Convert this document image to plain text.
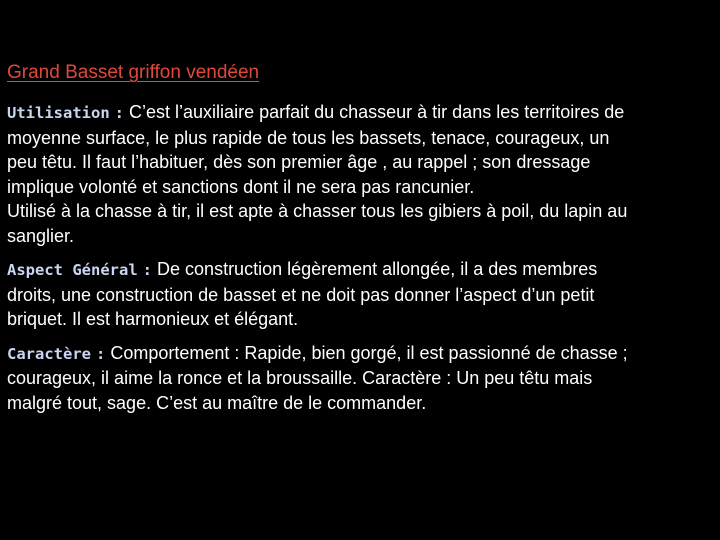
Grand Basset griffon vendéen
Utilisation : C’est l’auxiliaire parfait du chasseur à tir dans les territoires de
moyenne surface, le plus rapide de tous les bassets, tenace, courageux, un
peu têtu. Il faut l’habituer, dès son premier âge , au rappel ; son dressage
implique volonté et sanctions dont il ne sera pas rancunier.
Utilisé à la chasse à tir, il est apte à chasser tous les gibiers à poil, du lapin au
sanglier.
Aspect Général : De construction légèrement allongée, il a des membres
droits, une construction de basset et ne doit pas donner l’aspect d’un petit
briquet. Il est harmonieux et élégant.
Caractère : Comportement : Rapide, bien gorgé, il est passionné de chasse ;
courageux, il aime la ronce et la broussaille. Caractère : Un peu têtu mais
malgré tout, sage. C’est au maître de le commander.
